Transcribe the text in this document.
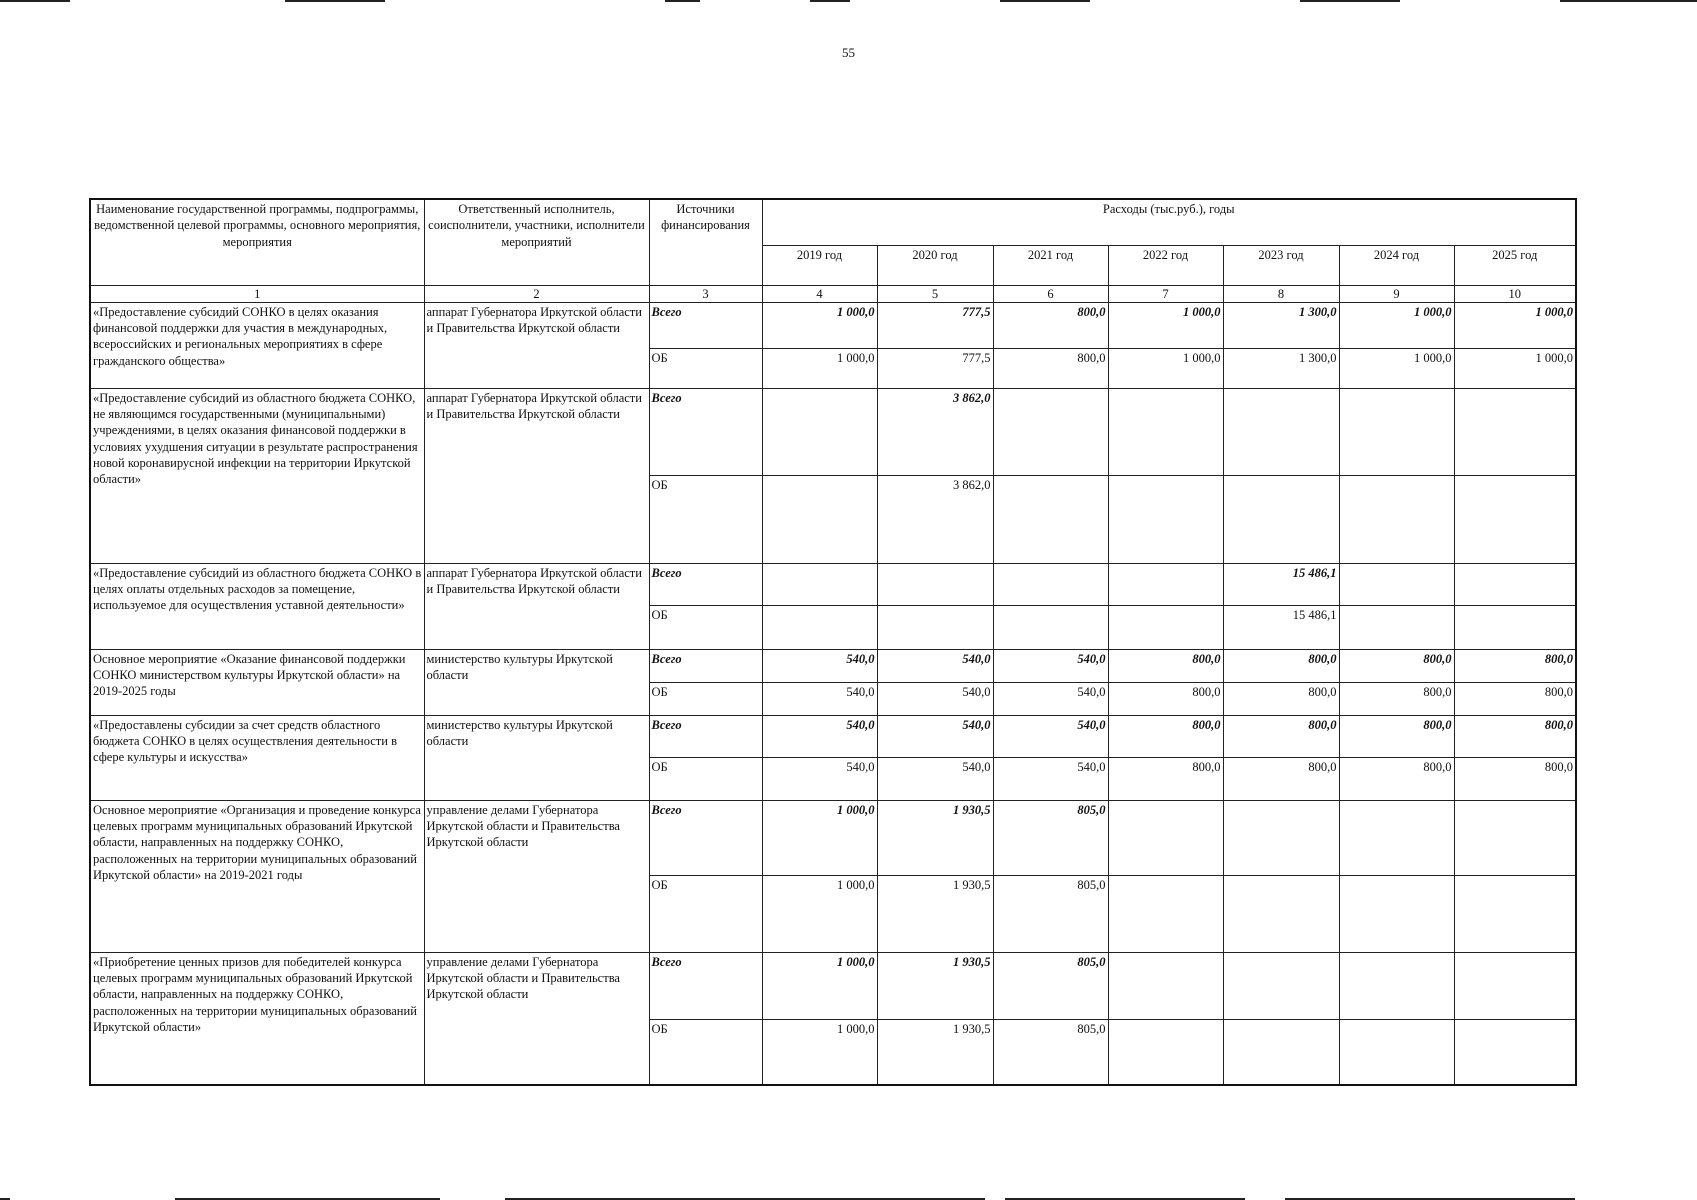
55
Наименование государственной программы, подпрограммы, ведомственной целевой программы, основного мероприятия, мероприятия	Ответственный исполнитель, соисполнители, участники, исполнители мероприятий	Источники финансирования	Расходы (тыс.руб.), годы						
			2019 год	2020 год	2021 год	2022 год	2023 год	2024 год	2025 год
1	2	3	4	5	6	7	8	9	10
«Предоставление субсидий СОНКО в целях оказания финансовой поддержки для участия в международных, всероссийских и региональных мероприятиях в сфере гражданского общества»	аппарат Губернатора Иркутской области и Правительства Иркутской области	Всего	1 000,0	777,5	800,0	1 000,0	1 300,0	1 000,0	1 000,0
		ОБ	1 000,0	777,5	800,0	1 000,0	1 300,0	1 000,0	1 000,0
«Предоставление субсидий из областного бюджета СОНКО, не являющимся государственными (муниципальными) учреждениями, в целях оказания финансовой поддержки в условиях ухудшения ситуации в результате распространения новой коронавирусной инфекции на территории Иркутской области»	аппарат Губернатора Иркутской области и Правительства Иркутской области	Всего		3 862,0					
		ОБ		3 862,0					
«Предоставление субсидий из областного бюджета СОНКО в целях оплаты отдельных расходов за помещение, используемое для осуществления уставной деятельности»	аппарат Губернатора Иркутской области и Правительства Иркутской области	Всего					15 486,1		
		ОБ					15 486,1		
Основное мероприятие «Оказание финансовой поддержки СОНКО министерством культуры Иркутской области» на 2019-2025 годы	министерство культуры Иркутской области	Всего	540,0	540,0	540,0	800,0	800,0	800,0	800,0
		ОБ	540,0	540,0	540,0	800,0	800,0	800,0	800,0
«Предоставлены субсидии за счет средств областного бюджета СОНКО в целях осуществления деятельности в сфере культуры и искусства»	министерство культуры Иркутской области	Всего	540,0	540,0	540,0	800,0	800,0	800,0	800,0
		ОБ	540,0	540,0	540,0	800,0	800,0	800,0	800,0
Основное мероприятие «Организация и проведение конкурса целевых программ муниципальных образований Иркутской области, направленных на поддержку СОНКО, расположенных на территории муниципальных образований Иркутской области» на 2019-2021 годы	управление делами Губернатора Иркутской области и Правительства Иркутской области	Всего	1 000,0	1 930,5	805,0				
		ОБ	1 000,0	1 930,5	805,0				
«Приобретение ценных призов для победителей конкурса целевых программ муниципальных образований Иркутской области, направленных на поддержку СОНКО, расположенных на территории муниципальных образований Иркутской области»	управление делами Губернатора Иркутской области и Правительства Иркутской области	Всего	1 000,0	1 930,5	805,0				
		ОБ	1 000,0	1 930,5	805,0				
